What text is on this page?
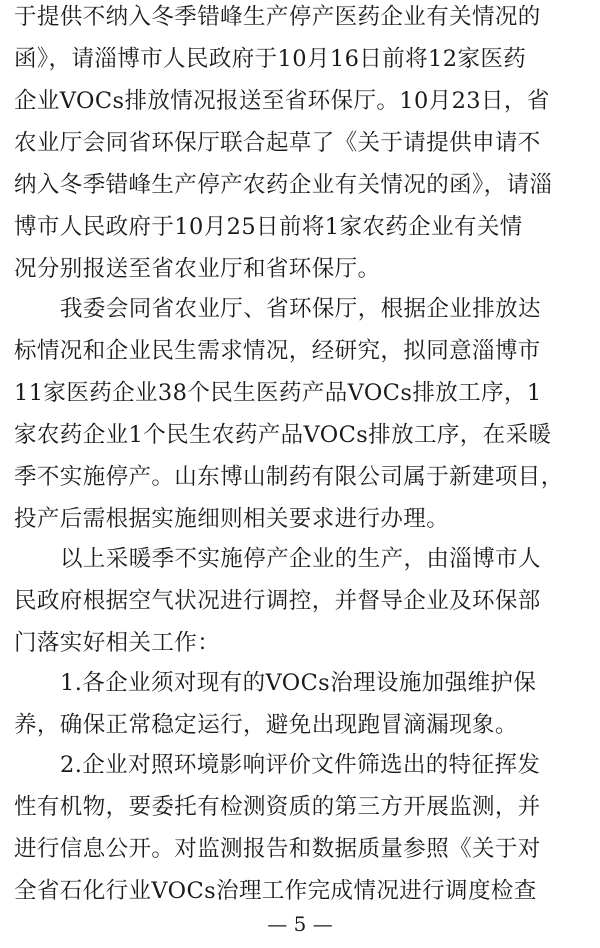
于提供不纳入冬季错峰生产停产医药企业有关情况的
函》，请淄博市人民政府于10月16日前将12家医药
企业VOCs排放情况报送至省环保厅。10月23日，省
农业厅会同省环保厅联合起草了《关于请提供申请不
纳入冬季错峰生产停产农药企业有关情况的函》，请淄
博市人民政府于10月25日前将1家农药企业有关情
况分别报送至省农业厅和省环保厅。
我委会同省农业厅、省环保厅，根据企业排放达
标情况和企业民生需求情况，经研究，拟同意淄博市
11家医药企业38个民生医药产品VOCs排放工序，1
家农药企业1个民生农药产品VOCs排放工序，在采暖
季不实施停产。山东博山制药有限公司属于新建项目，
投产后需根据实施细则相关要求进行办理。
以上采暖季不实施停产企业的生产，由淄博市人
民政府根据空气状况进行调控，并督导企业及环保部
门落实好相关工作：
1.各企业须对现有的VOCs治理设施加强维护保
养，确保正常稳定运行，避免出现跑冒滴漏现象。
2.企业对照环境影响评价文件筛选出的特征挥发
性有机物，要委托有检测资质的第三方开展监测，并
进行信息公开。对监测报告和数据质量参照《关于对
全省石化行业VOCs治理工作完成情况进行调度检查
— 5 —
